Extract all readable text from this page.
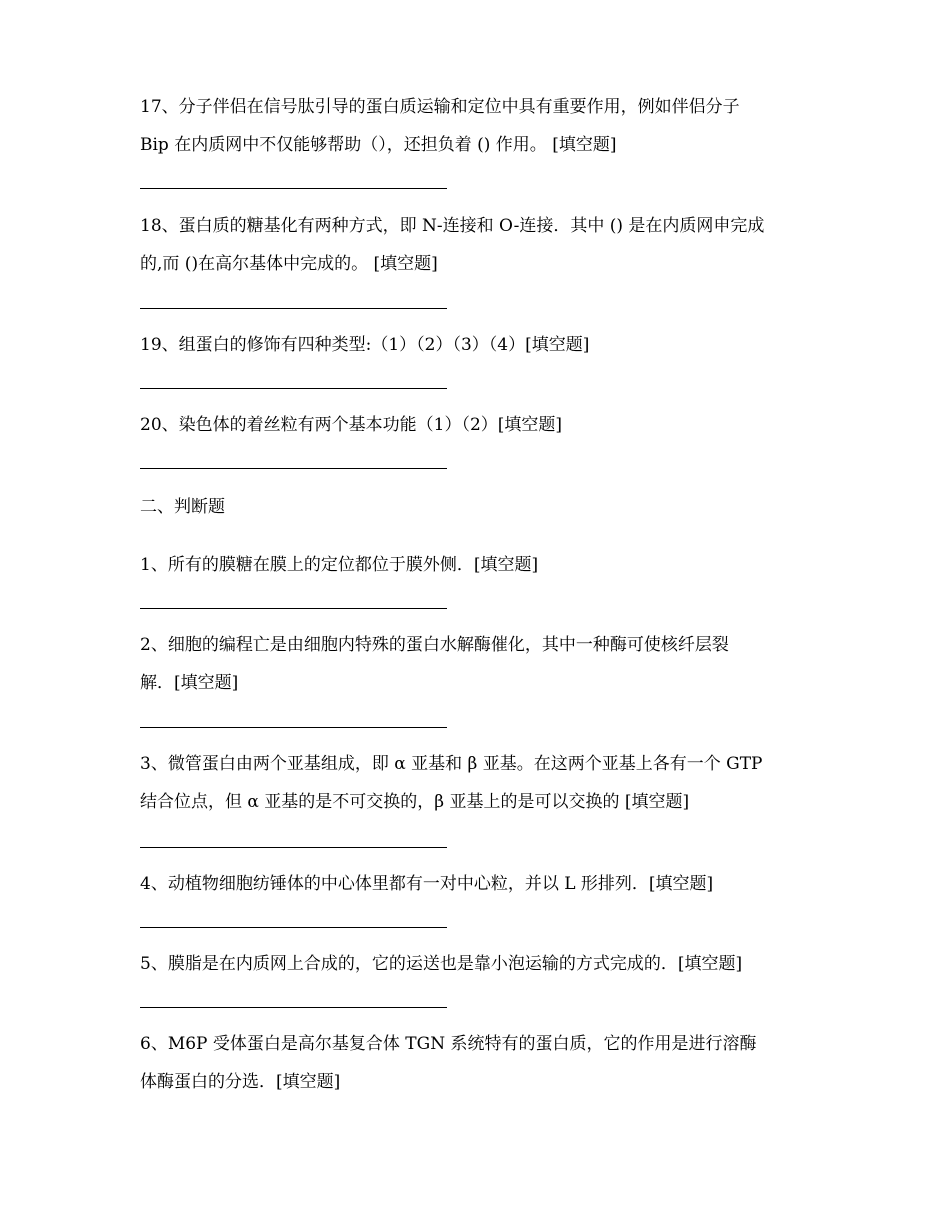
17、分子伴侣在信号肽引导的蛋白质运输和定位中具有重要作用，例如伴侣分子
Bip 在内质网中不仅能够帮助（），还担负着 () 作用。 [填空题]
18、蛋白质的糖基化有两种方式，即 N-连接和 O-连接．其中 () 是在内质网申完成
的,而 ()在高尔基体中完成的。 [填空题]
19、组蛋白的修饰有四种类型:（1）（2）（3）（4）[填空题]
20、染色体的着丝粒有两个基本功能（1）（2）[填空题]
二、判断题
1、所有的膜糖在膜上的定位都位于膜外侧．[填空题]
2、细胞的编程亡是由细胞内特殊的蛋白水解酶催化，其中一种酶可使核纤层裂
解．[填空题]
3、微管蛋白由两个亚基组成，即 α 亚基和 β 亚基。在这两个亚基上各有一个 GTP
结合位点，但 α 亚基的是不可交换的，β 亚基上的是可以交换的 [填空题]
4、动植物细胞纺锤体的中心体里都有一对中心粒，并以 L 形排列．[填空题]
5、膜脂是在内质网上合成的，它的运送也是靠小泡运输的方式完成的．[填空题]
6、M6P 受体蛋白是高尔基复合体 TGN 系统特有的蛋白质，它的作用是进行溶酶
体酶蛋白的分选．[填空题]
